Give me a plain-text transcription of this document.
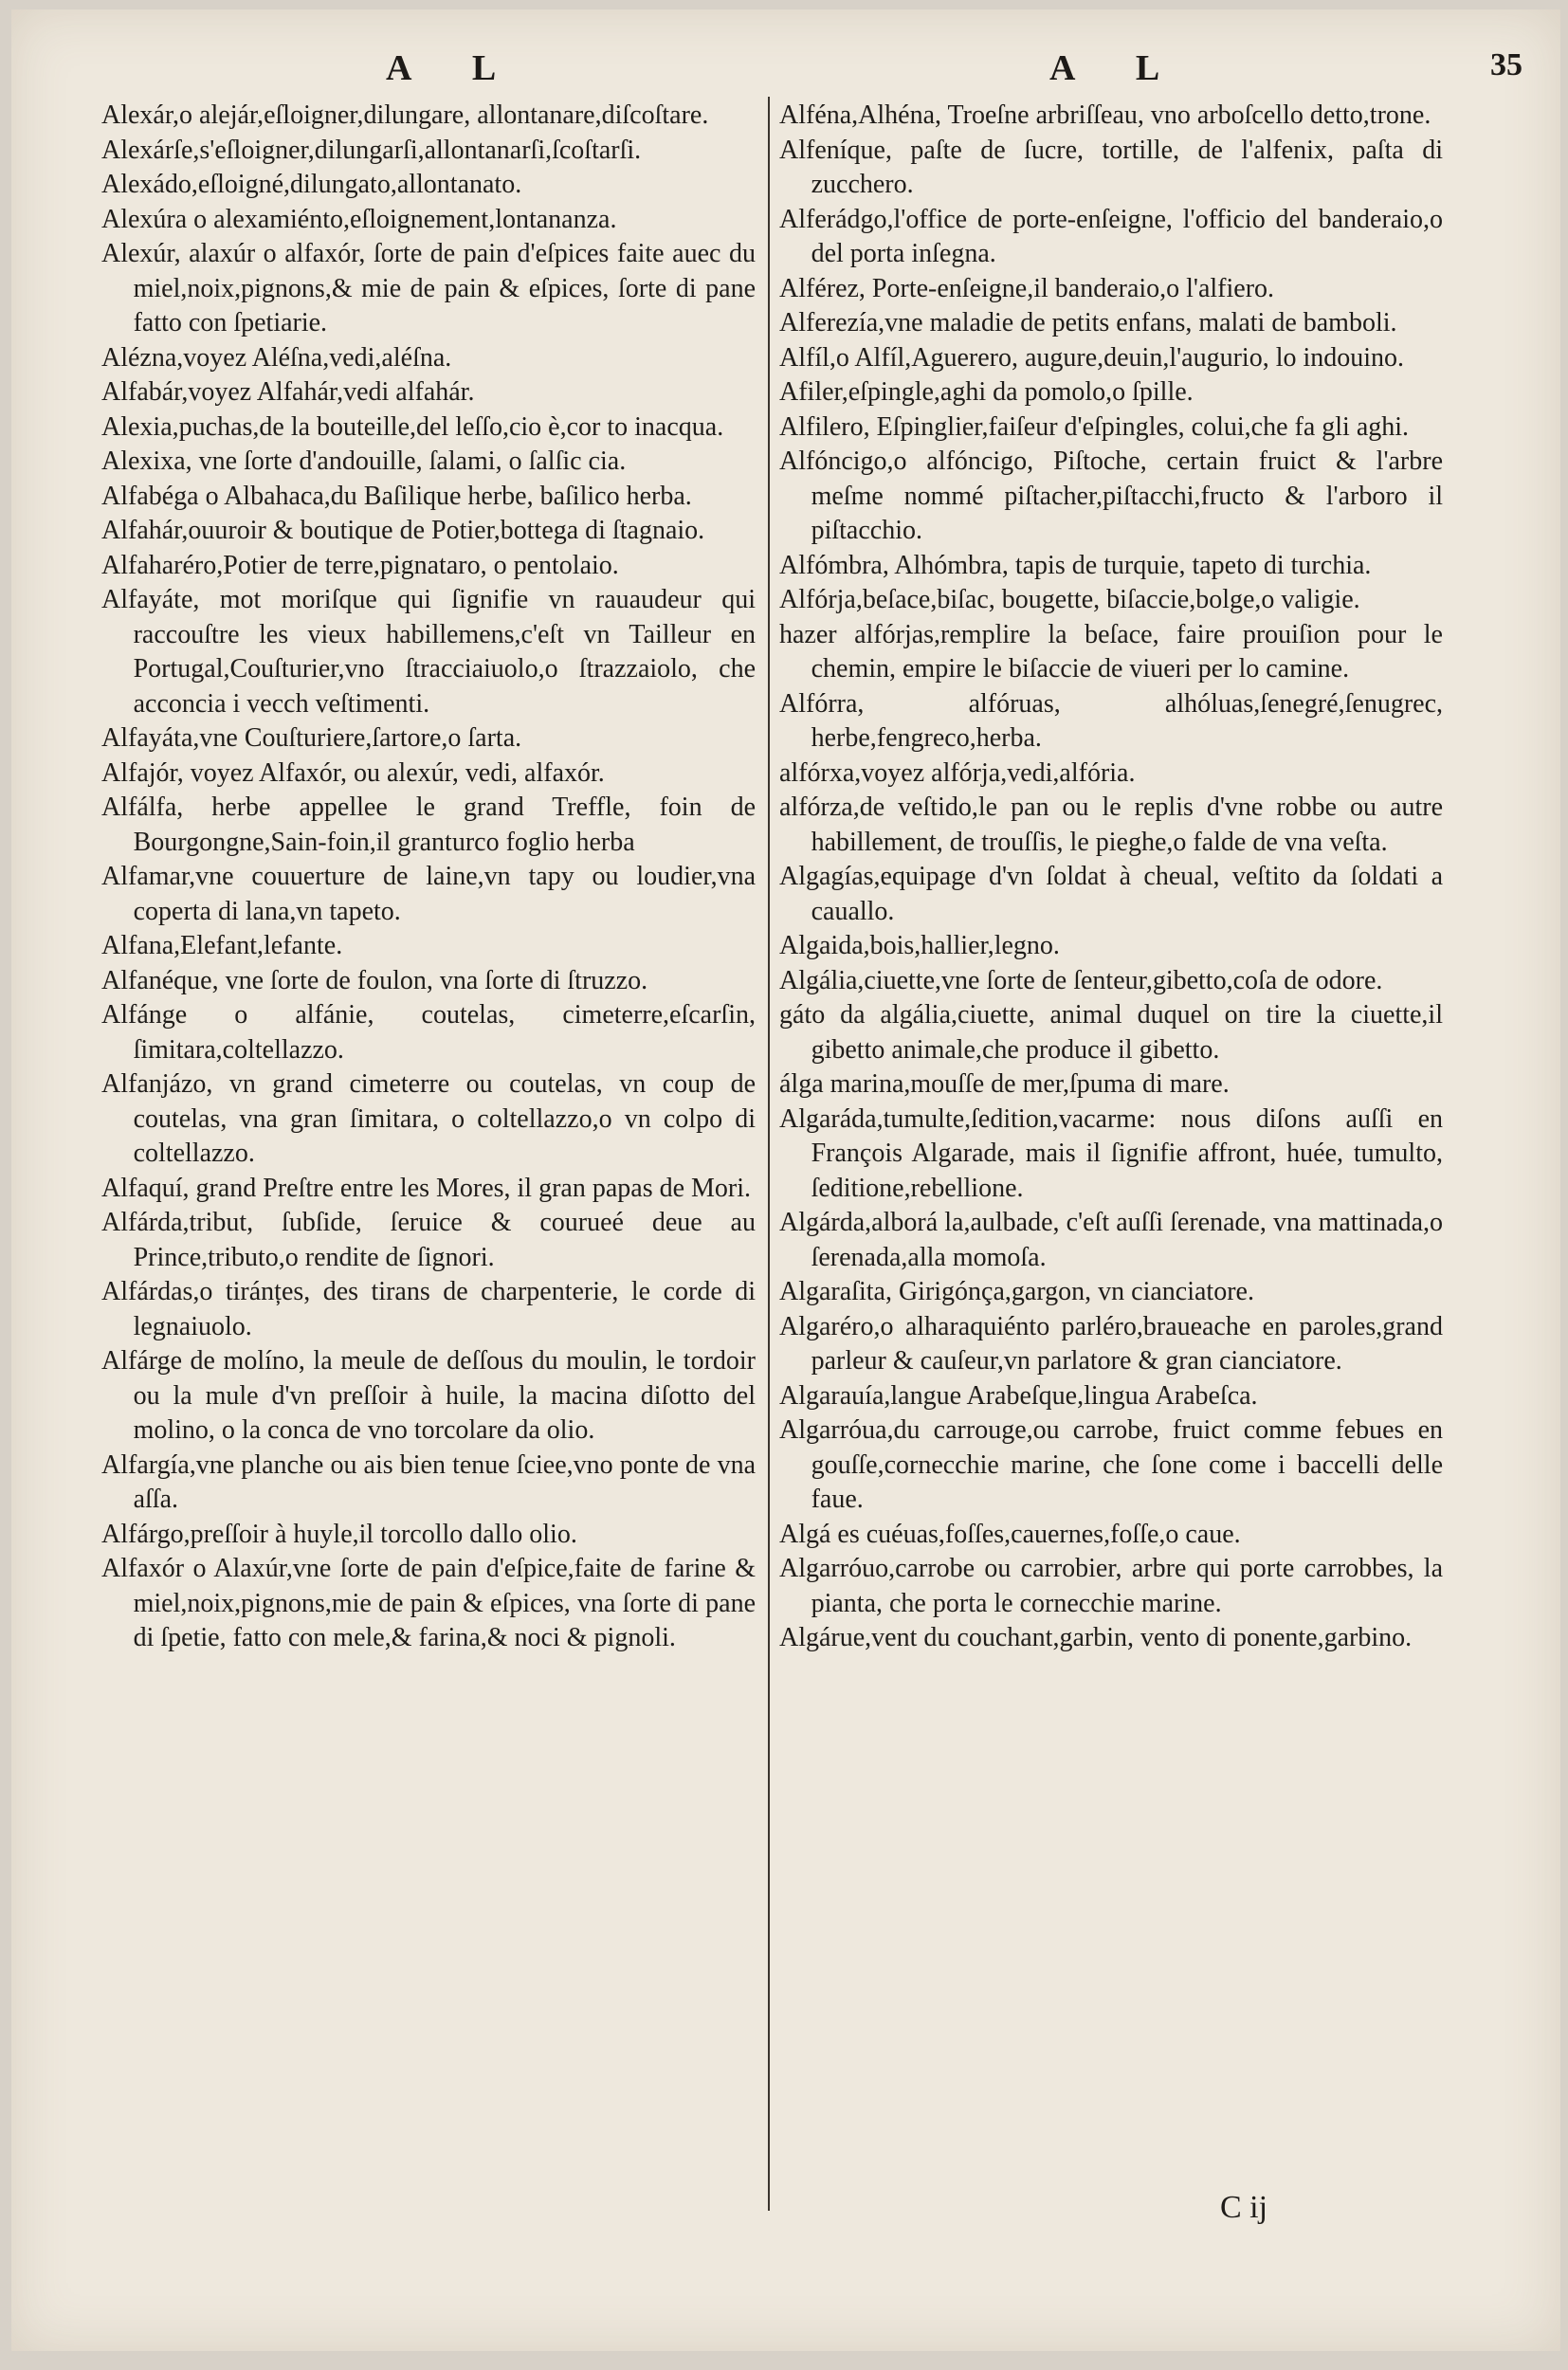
A L	A L	35

Alexár,o alejár,eſloigner,dilungare, allontanare,diſcoſtare.

Alexárſe,s'eſloigner,dilungarſi,allontanarſi,ſcoſtarſi.

Alexádo,eſloigné,dilungato,allontanato.

Alexúra o alexamiénto,eſloignement,lontananza.

Alexúr, alaxúr o alfaxór, ſorte de pain d'eſpices faite auec du miel,noix,pignons,& mie de pain & eſpices, ſorte di pane fatto con ſpetiarie.

Alézna,voyez Aléſna,vedi,aléſna.

Alfabár,voyez Alfahár,vedi alfahár.

Alexia,puchas,de la bouteille,del leſſo,cio è,cor to inacqua.

Alexixa, vne ſorte d'andouille, ſalami, o ſalſic cia.

Alfabéga o Albahaca,du Baſilique herbe, baſilico herba.

Alfahár,ouuroir & boutique de Potier,bottega di ſtagnaio.

Alfaharéro,Potier de terre,pignataro, o pentolaio.

Alfayáte, mot moriſque qui ſignifie vn rauaudeur qui raccouſtre les vieux habillemens,c'eſt vn Tailleur en Portugal,Couſturier,vno ſtracciaiuolo,o ſtrazzaiolo, che acconcia i vecch veſtimenti.

Alfayáta,vne Couſturiere,ſartore,o ſarta.

Alfajór, voyez Alfaxór, ou alexúr, vedi, alfaxór.

Alfálfa, herbe appellee le grand Treffle, foin de Bourgongne,Sain-foin,il granturco foglio herba

Alfamar,vne couuerture de laine,vn tapy ou loudier,vna coperta di lana,vn tapeto.

Alfana,Elefant,lefante.

Alfanéque, vne ſorte de foulon, vna ſorte di ſtruzzo.

Alfánge o alfánie, coutelas, cimeterre,eſcarſin, ſimitara,coltellazzo.

Alfanjázo, vn grand cimeterre ou coutelas, vn coup de coutelas, vna gran ſimitara, o coltellazzo,o vn colpo di coltellazzo.

Alfaquí, grand Preſtre entre les Mores, il gran papas de Mori.

Alfárda,tribut, ſubſide, ſeruice & courueé deue au Prince,tributo,o rendite de ſignori.

Alfárdas,o tiránțes, des tirans de charpenterie, le corde di legnaiuolo.

Alfárge de molíno, la meule de deſſous du moulin, le tordoir ou la mule d'vn preſſoir à huile, la macina diſotto del molino, o la conca de vno torcolare da olio.

Alfargía,vne planche ou ais bien tenue ſciee,vno ponte de vna aſſa.

Alfárgo,preſſoir à huyle,il torcollo dallo olio.

Alfaxór o Alaxúr,vne ſorte de pain d'eſpice,faite de farine & miel,noix,pignons,mie de pain & eſpices, vna ſorte di pane di ſpetie, fatto con mele,& farina,& noci & pignoli.

Alféna,Alhéna, Troeſne arbriſſeau, vno arboſcello detto,trone.

Alfeníque, paſte de ſucre, tortille, de l'alfenix, paſta di zucchero.

Alferádgo,l'office de porte-enſeigne, l'officio del banderaio,o del porta inſegna.

Alférez, Porte-enſeigne,il banderaio,o l'alfiero.

Alferezía,vne maladie de petits enfans, malati de bamboli.

Alfíl,o Alfíl,Aguerero, augure,deuin,l'augurio, lo indouino.

Afiler,eſpingle,aghi da pomolo,o ſpille.

Alfilero, Eſpinglier,faiſeur d'eſpingles, colui,che fa gli aghi.

Alfóncigo,o alfóncigo, Piſtoche, certain fruict & l'arbre meſme nommé piſtacher,piſtacchi,fructo & l'arboro il piſtacchio.

Alfómbra, Alhómbra, tapis de turquie, tapeto di turchia.

Alfórja,beſace,biſac, bougette, biſaccie,bolge,o valigie.

hazer alfórjas,remplire la beſace, faire prouiſion pour le chemin, empire le biſaccie de viueri per lo camine.

Alfórra, alfóruas, alhóluas,ſenegré,ſenugrec, herbe,fengreco,herba.

alfórxa,voyez alfórja,vedi,alfória.

alfórza,de veſtido,le pan ou le replis d'vne robbe ou autre habillement, de trouſſis, le pieghe,o falde de vna veſta.

Algagías,equipage d'vn ſoldat à cheual, veſtito da ſoldati a cauallo.

Algaida,bois,hallier,legno.

Algália,ciuette,vne ſorte de ſenteur,gibetto,coſa de odore.

gáto da algália,ciuette, animal duquel on tire la ciuette,il gibetto animale,che produce il gibetto.

álga marina,mouſſe de mer,ſpuma di mare.

Algaráda,tumulte,ſedition,vacarme: nous diſons auſſi en François Algarade, mais il ſignifie affront, huée, tumulto, ſeditione,rebellione.

Algárda,alborá la,aulbade, c'eſt auſſi ſerenade, vna mattinada,o ſerenada,alla momoſa.

Algaraſita, Girigónça,gargon, vn cianciatore.

Algaréro,o alharaquiénto parléro,braueache en paroles,grand parleur & cauſeur,vn parlatore & gran cianciatore.

Algarauía,langue Arabeſque,lingua Arabeſca.

Algarróua,du carrouge,ou carrobe, fruict comme febues en gouſſe,cornecchie marine, che ſone come i baccelli delle faue.

Algá es cuéuas,foſſes,cauernes,foſſe,o caue.

Algarróuo,carrobe ou carrobier, arbre qui porte carrobbes, la pianta, che porta le cornecchie marine.

Algárue,vent du couchant,garbin, vento di ponente,garbino.

C ij
